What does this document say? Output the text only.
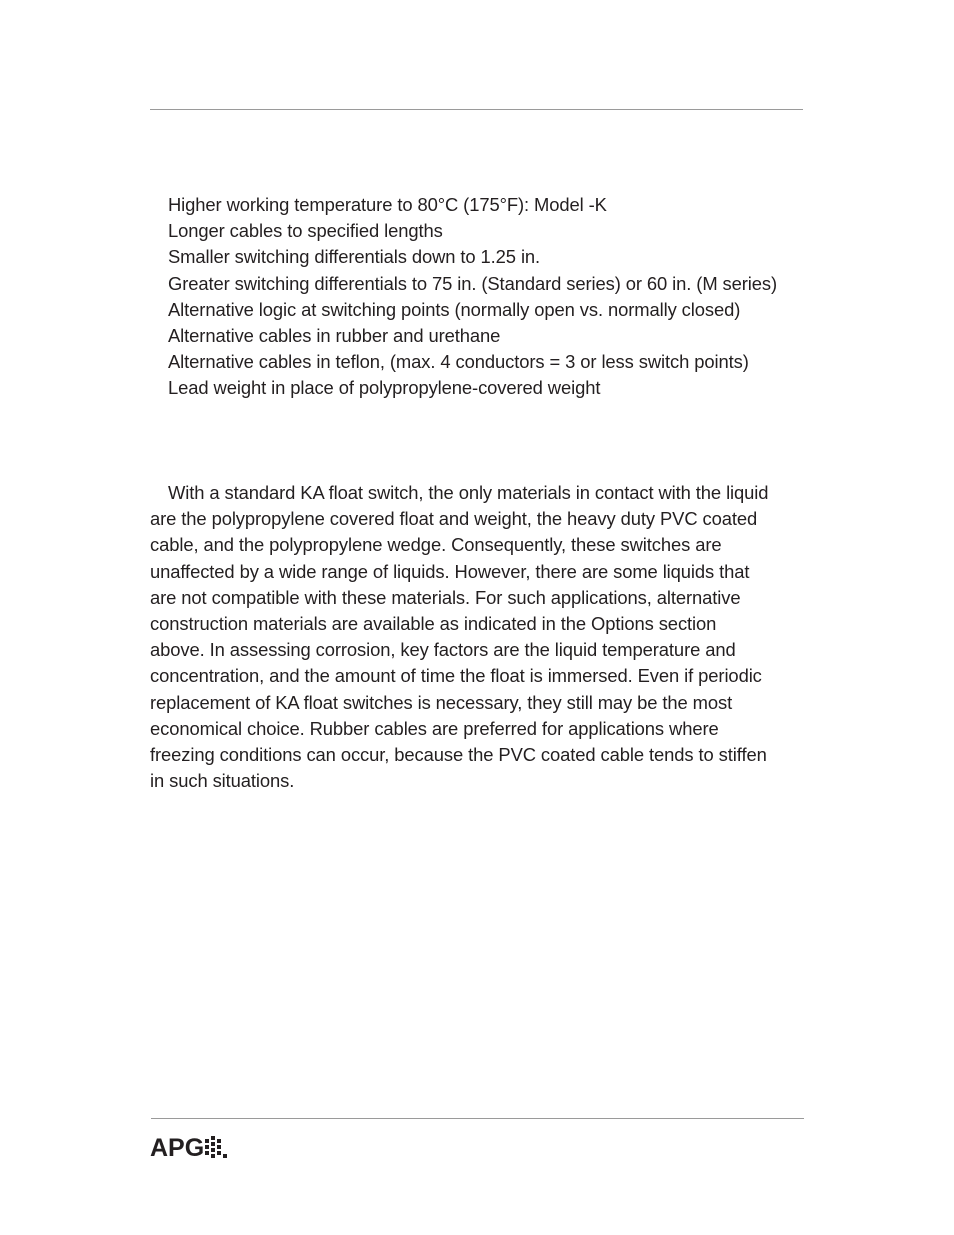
Higher working temperature to 80°C (175°F): Model -K
Longer cables to specified lengths
Smaller switching differentials down to 1.25 in.
Greater switching differentials to 75 in. (Standard series) or 60 in. (M series)
Alternative logic at switching points (normally open vs. normally closed)
Alternative cables in rubber and urethane
Alternative cables in teflon, (max. 4 conductors = 3 or less switch points)
Lead weight in place of polypropylene-covered weight

With a standard KA float switch, the only materials in contact with the liquid
are the polypropylene covered float and weight, the heavy duty PVC coated
cable, and the polypropylene wedge. Consequently, these switches are
unaffected by a wide range of liquids. However, there are some liquids that
are not compatible with these materials. For such applications, alternative
construction materials are available as indicated in the Options section
above. In assessing corrosion, key factors are the liquid temperature and
concentration, and the amount of time the float is immersed. Even if periodic
replacement of KA float switches is necessary, they still may be the most
economical choice. Rubber cables are preferred for applications where
freezing conditions can occur, because the PVC coated cable tends to stiffen
in such situations.

APG
